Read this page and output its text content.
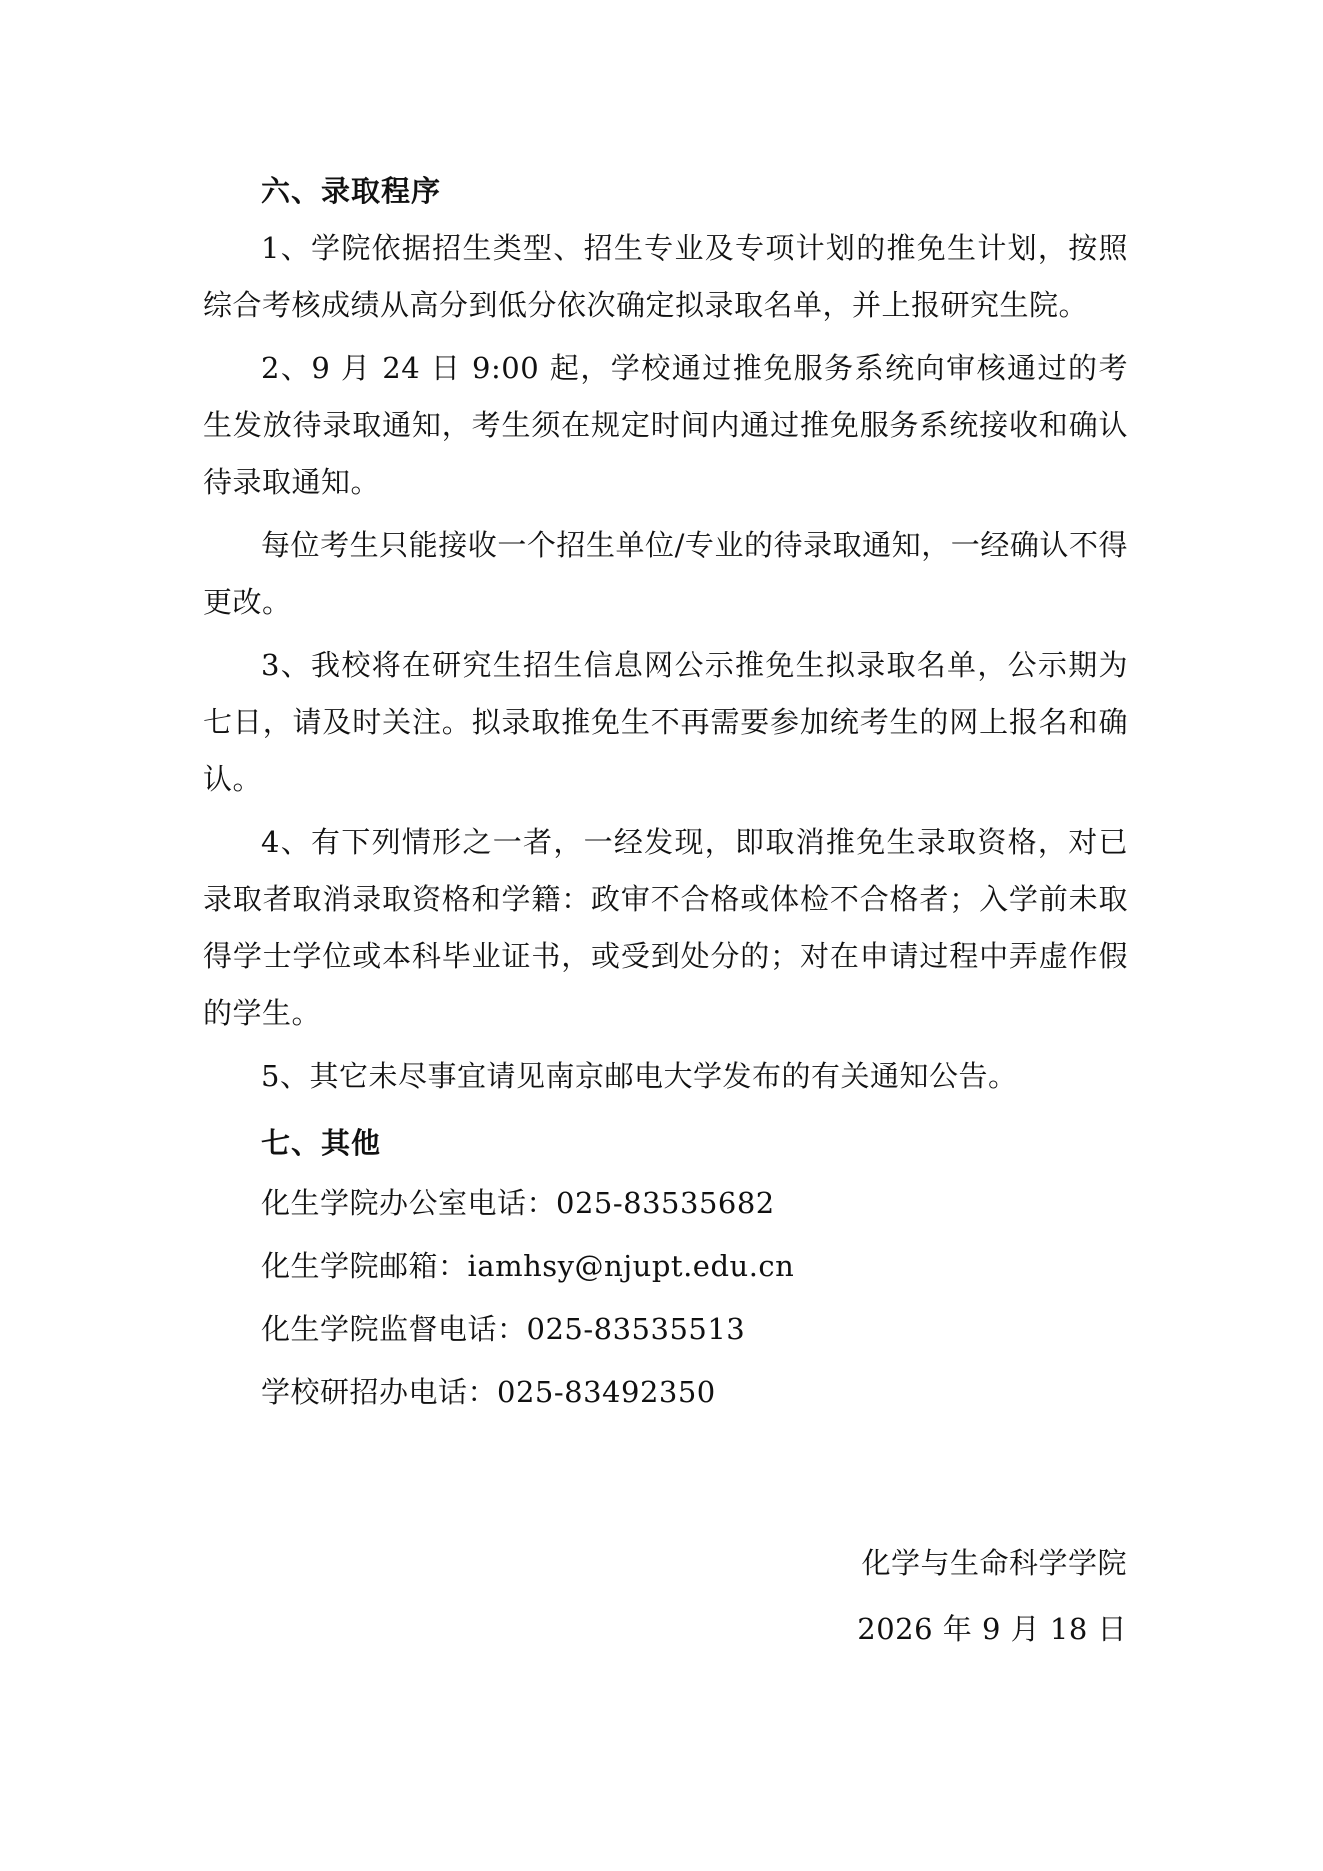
六、录取程序

1、学院依据招生类型、招生专业及专项计划的推免生计划，按照综合考核成绩从高分到低分依次确定拟录取名单，并上报研究生院。

2、9 月 24 日 9:00 起，学校通过推免服务系统向审核通过的考生发放待录取通知，考生须在规定时间内通过推免服务系统接收和确认待录取通知。

每位考生只能接收一个招生单位/专业的待录取通知，一经确认不得更改。

3、我校将在研究生招生信息网公示推免生拟录取名单，公示期为七日，请及时关注。拟录取推免生不再需要参加统考生的网上报名和确认。

4、有下列情形之一者，一经发现，即取消推免生录取资格，对已录取者取消录取资格和学籍：政审不合格或体检不合格者；入学前未取得学士学位或本科毕业证书，或受到处分的；对在申请过程中弄虚作假的学生。

5、其它未尽事宜请见南京邮电大学发布的有关通知公告。

七、其他

化生学院办公室电话：025-83535682

化生学院邮箱：iamhsy@njupt.edu.cn

化生学院监督电话：025-83535513

学校研招办电话：025-83492350

化学与生命科学学院
2026 年 9 月 18 日
